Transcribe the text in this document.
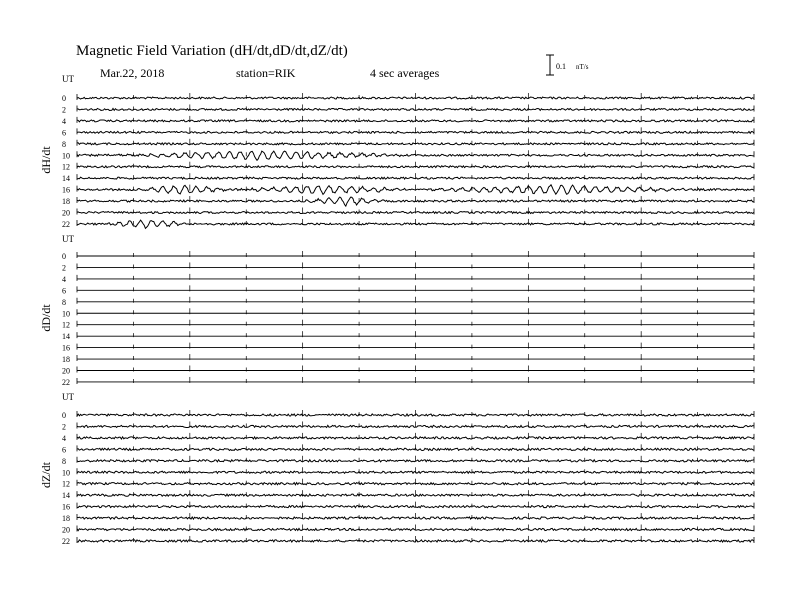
Magnetic Field Variation (dH/dt,dD/dt,dZ/dt)
Mar.22, 2018	station=RIK	4 sec averages	0.1 nT/s
UT
dH/dt
0
2
4
6
8
10
12
14
16
18
20
22
UT
dD/dt
0
2
4
6
8
10
12
14
16
18
20
22
UT
dZ/dt
0
2
4
6
8
10
12
14
16
18
20
22
